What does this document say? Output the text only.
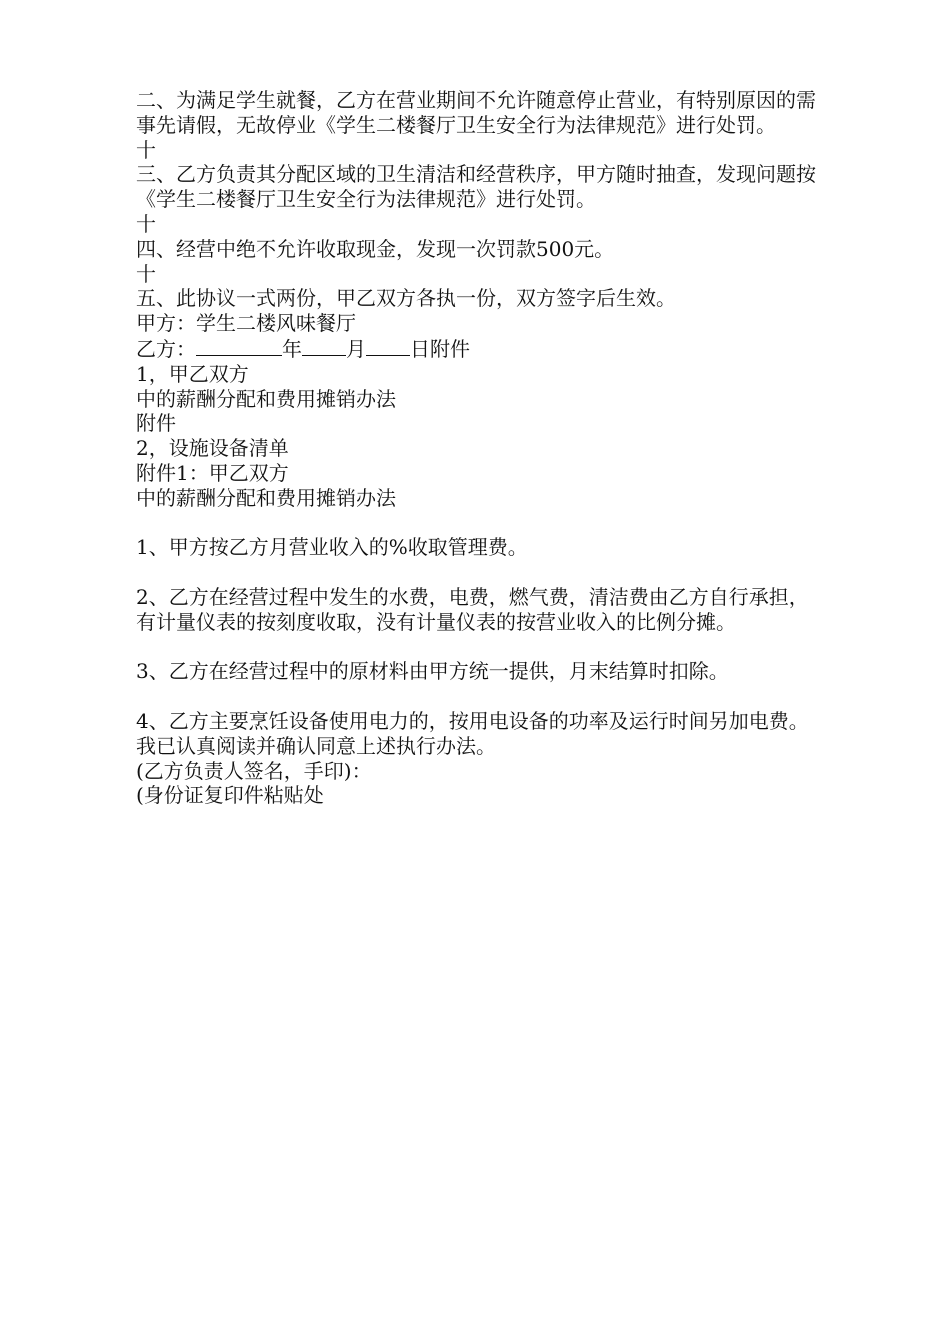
二、为满足学生就餐，乙方在营业期间不允许随意停止营业，有特别原因的需事先请假，无故停业《学生二楼餐厅卫生安全行为法律规范》进行处罚。
十
三、乙方负责其分配区域的卫生清洁和经营秩序，甲方随时抽查，发现问题按《学生二楼餐厅卫生安全行为法律规范》进行处罚。
十
四、经营中绝不允许收取现金，发现一次罚款500元。
十
五、此协议一式两份，甲乙双方各执一份，双方签字后生效。
甲方：学生二楼风味餐厅
乙方：	年 月 日附件
1，甲乙双方
中的薪酬分配和费用摊销办法
附件
2，设施设备清单
附件1：甲乙双方
中的薪酬分配和费用摊销办法
1、甲方按乙方月营业收入的%收取管理费。
2、乙方在经营过程中发生的水费，电费，燃气费，清洁费由乙方自行承担，有计量仪表的按刻度收取，没有计量仪表的按营业收入的比例分摊。
3、乙方在经营过程中的原材料由甲方统一提供，月末结算时扣除。
4、乙方主要烹饪设备使用电力的，按用电设备的功率及运行时间另加电费。
我已认真阅读并确认同意上述执行办法。
(乙方负责人签名，手印)：
(身份证复印件粘贴处
